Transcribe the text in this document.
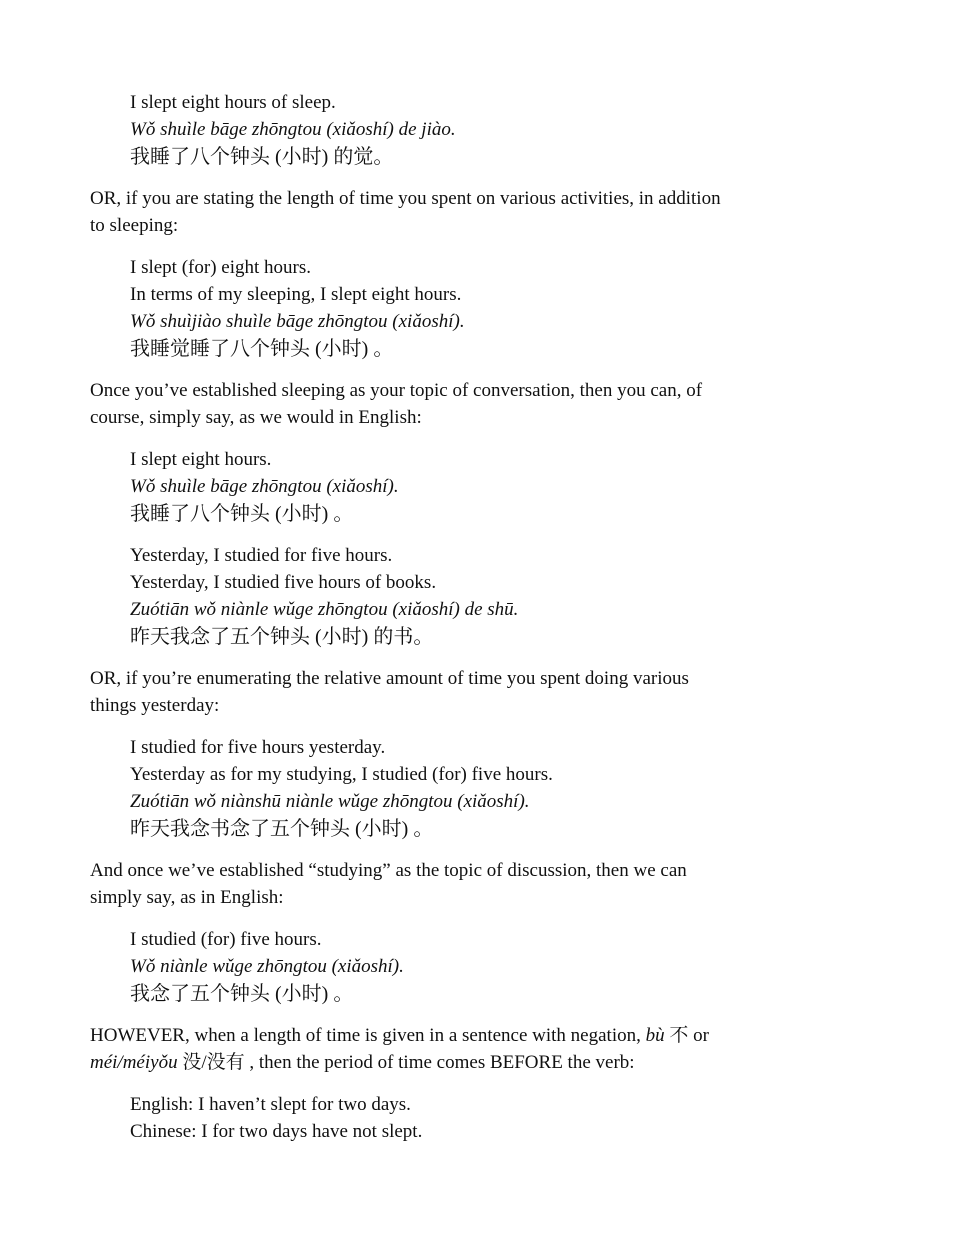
I slept eight hours of sleep.
Wǒ shuìle bāge zhōngtou (xiǎoshí) de jiào.
我睡了八个钟头 (小时) 的觉。
OR, if you are stating the length of time you spent on various activities, in addition
to sleeping:
I slept (for) eight hours.
In terms of my sleeping, I slept eight hours.
Wǒ shuìjiào shuìle bāge zhōngtou (xiǎoshí).
我睡觉睡了八个钟头 (小时) 。
Once you’ve established sleeping as your topic of conversation, then you can, of
course, simply say, as we would in English:
I slept eight hours.
Wǒ shuìle bāge zhōngtou (xiǎoshí).
我睡了八个钟头 (小时) 。
Yesterday, I studied for five hours.
Yesterday, I studied five hours of books.
Zuótiān wǒ niànle wǔge zhōngtou (xiǎoshí) de shū.
昨天我念了五个钟头 (小时) 的书。
OR, if you’re enumerating the relative amount of time you spent doing various
things yesterday:
I studied for five hours yesterday.
Yesterday as for my studying, I studied (for) five hours.
Zuótiān wǒ niànshū niànle wǔge zhōngtou (xiǎoshí).
昨天我念书念了五个钟头 (小时) 。
And once we’ve established “studying” as the topic of discussion, then we can
simply say, as in English:
I studied (for) five hours.
Wǒ niànle wǔge zhōngtou (xiǎoshí).
我念了五个钟头 (小时) 。
HOWEVER, when a length of time is given in a sentence with negation, bù 不 or
méi/méiyǒu 没/没有 , then the period of time comes BEFORE the verb:
English: I haven’t slept for two days.
Chinese: I for two days have not slept.
